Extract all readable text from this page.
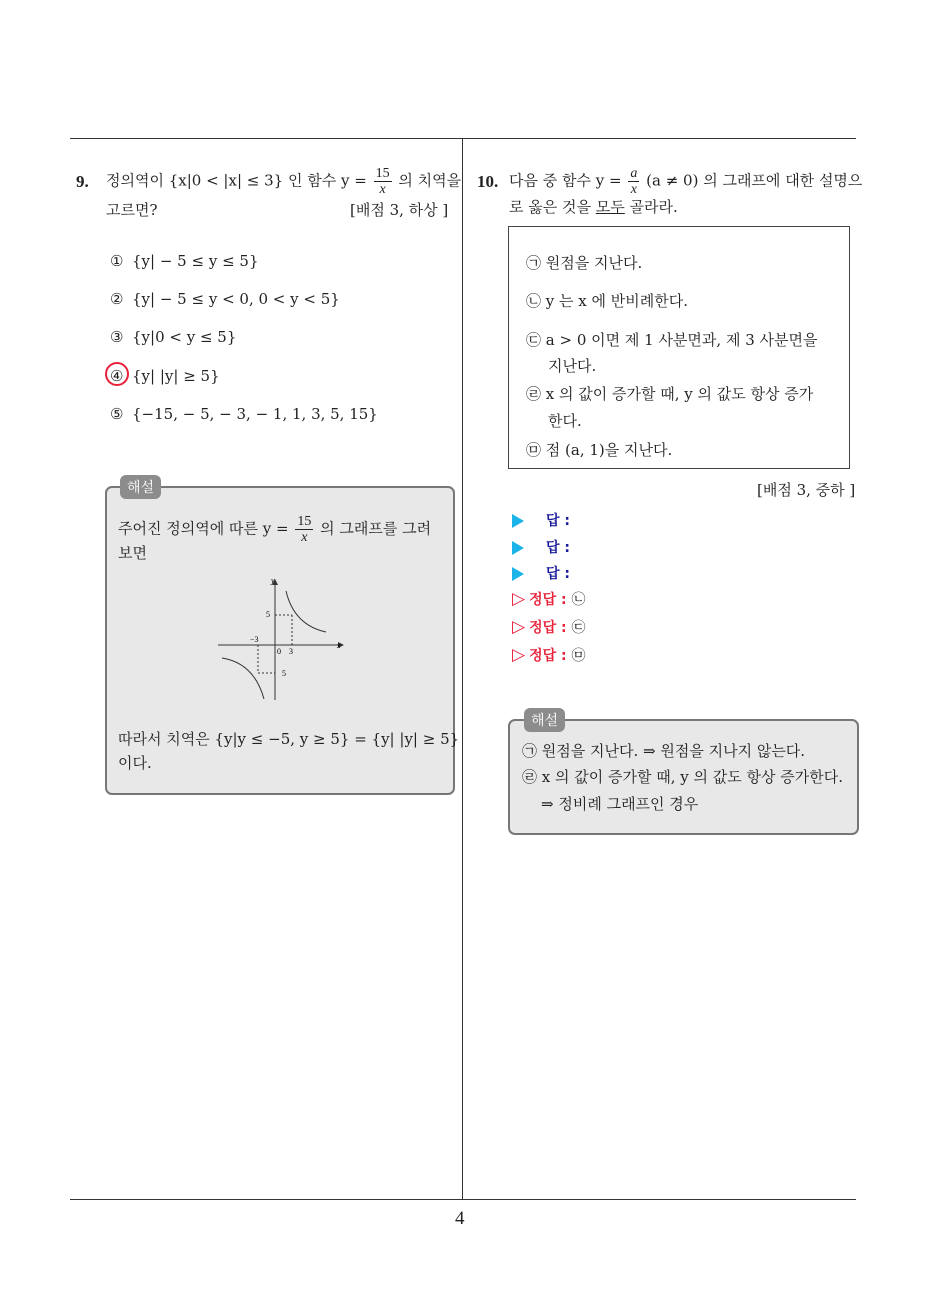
4
9. 정의역이 {x|0 < |x| ≤ 3} 인 함수 $y = \frac{15}{x}$ 의 치역을
고르면?	[배점 3, 하상 ]
① {y| − 5 ≤ y ≤ 5}
② {y| − 5 ≤ y < 0, 0 < y < 5}
③ {y|0 < y ≤ 5}
④ {y| |y| ≥ 5}
⑤ {−15, − 5, − 3, − 1, 1, 3, 5, 15}
해설
주어진 정의역에 따른 $y = \frac{15}{x}$ 의 그래프를 그려
보면
y
x
5
−3
0 3
5
따라서 치역은 {y|y ≤ −5, y ≥ 5} = {y| |y| ≥ 5}
이다.
10. 다음 중 함수 $y = \frac{a}{x} (a \ne 0)$ 의 그래프에 대한 설명으
로 옳은 것을 모두 골라라.
㉠ 원점을 지난다.
㉡ y 는 x 에 반비례한다.
㉢ a > 0 이면 제 1 사분면과, 제 3 사분면을
지난다.
㉣ x 의 값이 증가할 때, y 의 값도 항상 증가
한다.
㉤ 점 (a, 1)을 지난다.
[배점 3, 중하 ]
답 :
답 :
답 :
▷ 정답 : ㉡
▷ 정답 : ㉢
▷ 정답 : ㉤
해설
㉠ 원점을 지난다. ⇒ 원점을 지나지 않는다.
㉣ x 의 값이 증가할 때, y 의 값도 항상 증가한다.
⇒ 정비례 그래프인 경우
